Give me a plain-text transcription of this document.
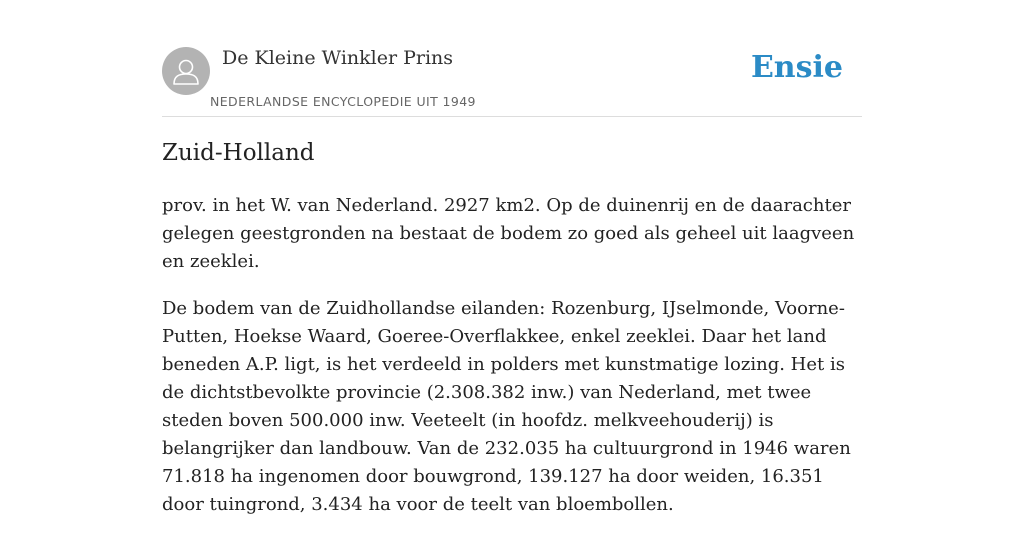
De Kleine Winkler Prins
NEDERLANDSE ENCYCLOPEDIE UIT 1949
Ensie
Zuid-Holland

prov. in het W. van Nederland. 2927 km2. Op de duinenrij en de daarachter gelegen geestgronden na bestaat de bodem zo goed als geheel uit laagveen en zeeklei.

De bodem van de Zuidhollandse eilanden: Rozenburg, IJselmonde, Voorne-Putten, Hoekse Waard, Goeree-Overflakkee, enkel zeeklei. Daar het land beneden A.P. ligt, is het verdeeld in polders met kunstmatige lozing. Het is de dichtstbevolkte provincie (2.308.382 inw.) van Nederland, met twee steden boven 500.000 inw. Veeteelt (in hoofdz. melkveehouderij) is belangrijker dan landbouw. Van de 232.035 ha cultuurgrond in 1946 waren 71.818 ha ingenomen door bouwgrond, 139.127 ha door weiden, 16.351 door tuingrond, 3.434 ha voor de teelt van bloembollen.
